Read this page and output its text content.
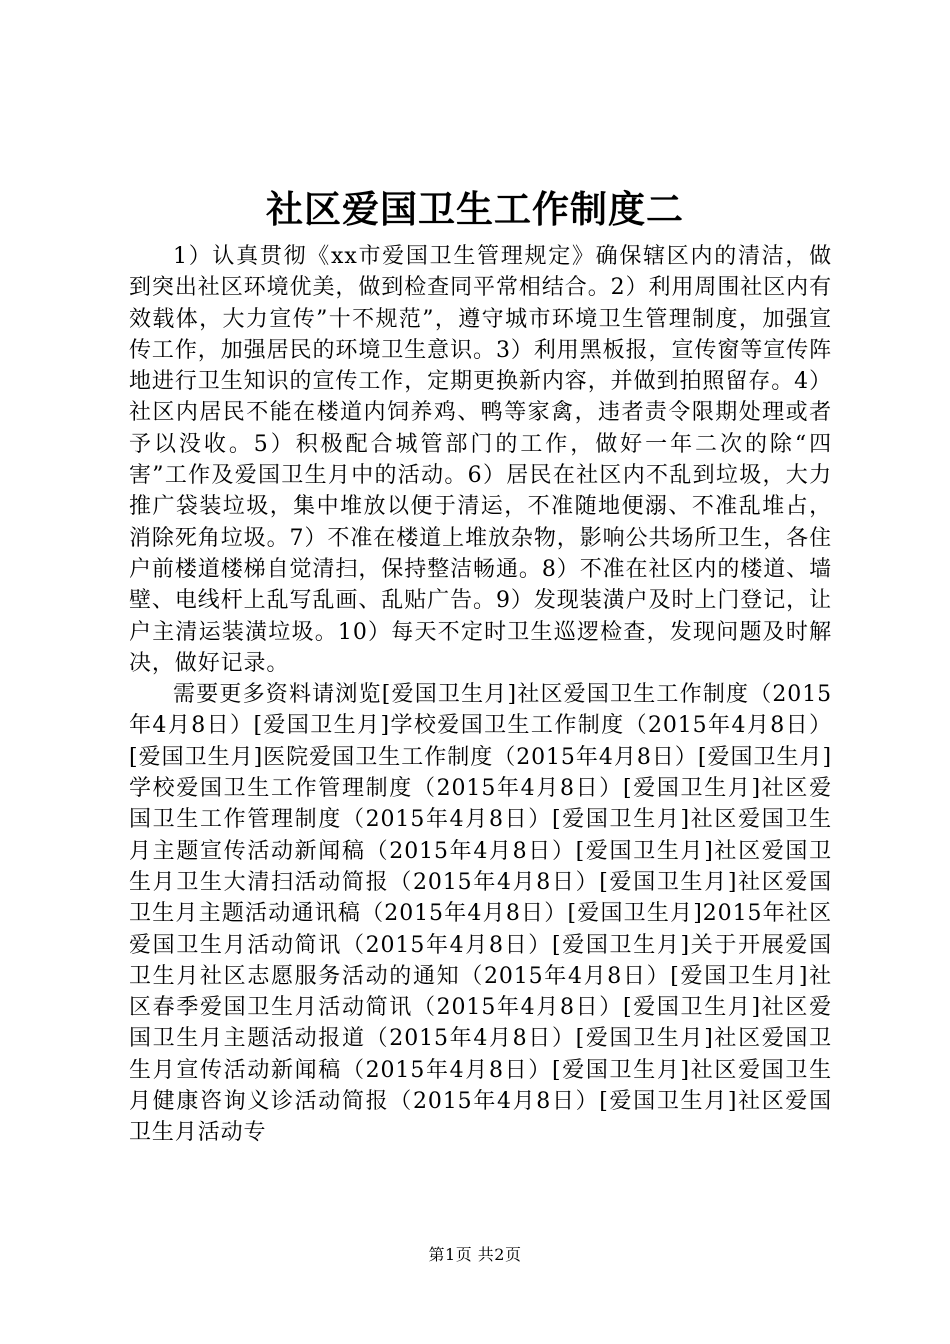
社区爱国卫生工作制度二

1）认真贯彻《xx市爱国卫生管理规定》确保辖区内的清洁，做到突出社区环境优美，做到检查同平常相结合。2）利用周围社区内有效载体，大力宣传”十不规范”，遵守城市环境卫生管理制度，加强宣传工作，加强居民的环境卫生意识。3）利用黑板报，宣传窗等宣传阵地进行卫生知识的宣传工作，定期更换新内容，并做到拍照留存。4）社区内居民不能在楼道内饲养鸡、鸭等家禽，违者责令限期处理或者予以没收。5）积极配合城管部门的工作，做好一年二次的除“四害”工作及爱国卫生月中的活动。6）居民在社区内不乱到垃圾，大力推广袋装垃圾，集中堆放以便于清运，不准随地便溺、不准乱堆占，消除死角垃圾。7）不准在楼道上堆放杂物，影响公共场所卫生，各住户前楼道楼梯自觉清扫，保持整洁畅通。8）不准在社区内的楼道、墙壁、电线杆上乱写乱画、乱贴广告。9）发现装潢户及时上门登记，让户主清运装潢垃圾。10）每天不定时卫生巡逻检查，发现问题及时解决，做好记录。

需要更多资料请浏览[爱国卫生月]社区爱国卫生工作制度（2015年4月8日）[爱国卫生月]学校爱国卫生工作制度（2015年4月8日）[爱国卫生月]医院爱国卫生工作制度（2015年4月8日）[爱国卫生月]学校爱国卫生工作管理制度（2015年4月8日）[爱国卫生月]社区爱国卫生工作管理制度（2015年4月8日）[爱国卫生月]社区爱国卫生月主题宣传活动新闻稿（2015年4月8日）[爱国卫生月]社区爱国卫生月卫生大清扫活动简报（2015年4月8日）[爱国卫生月]社区爱国卫生月主题活动通讯稿（2015年4月8日）[爱国卫生月]2015年社区爱国卫生月活动简讯（2015年4月8日）[爱国卫生月]关于开展爱国卫生月社区志愿服务活动的通知（2015年4月8日）[爱国卫生月]社区春季爱国卫生月活动简讯（2015年4月8日）[爱国卫生月]社区爱国卫生月主题活动报道（2015年4月8日）[爱国卫生月]社区爱国卫生月宣传活动新闻稿（2015年4月8日）[爱国卫生月]社区爱国卫生月健康咨询义诊活动简报（2015年4月8日）[爱国卫生月]社区爱国卫生月活动专

第1页 共2页
